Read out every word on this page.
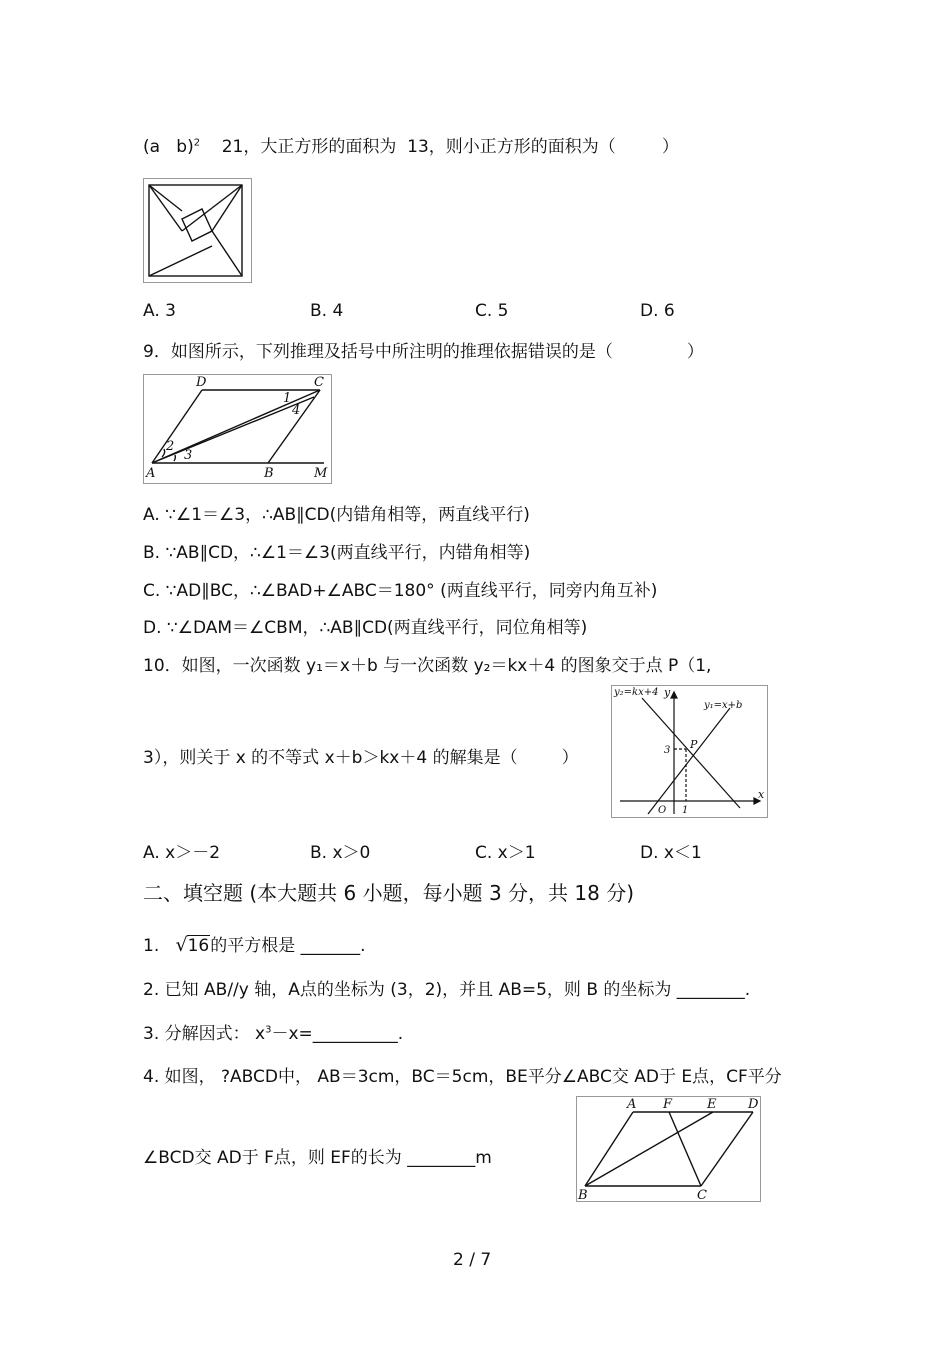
(a b)$^2$ 21，大正方形的面积为 13，则小正方形的面积为（	）
A. 3	B. 4	C. 5	D. 6
9．如图所示，下列推理及括号中所注明的推理依据错误的是（	）
D	C
1
4
2
3
A	B	M
A. ∵∠1＝∠3，∴AB∥CD(内错角相等，两直线平行)
B. ∵AB∥CD，∴∠1＝∠3(两直线平行，内错角相等)
C. ∵AD∥BC，∴∠BAD+∠ABC＝180° (两直线平行，同旁内角互补)
D. ∵∠DAM＝∠CBM，∴AB∥CD(两直线平行，同位角相等)
10．如图，一次函数 y₁＝x＋b 与一次函数 y₂＝kx＋4 的图象交于点 P（1,
3），则关于 x 的不等式 x＋b＞kx＋4 的解集是（	）
y₂=kx+4 y
y₁=x+b
3 P
O 1
x
A. x＞－2	B. x＞0	C. x＞1	D. x＜1
二、填空题 (本大题共 6 小题，每小题 3 分，共 18 分)
1. √16的平方根是 _______.
2. 已知 AB//y 轴，A点的坐标为 (3，2)，并且 AB=5，则 B 的坐标为 ________.
3. 分解因式： $x^3-x=\_\_\_\_\_\_\_\_\_\_$.
4. 如图， ?ABCD中， AB＝3cm，BC＝5cm，BE平分∠ABC交 AD于 E点，CF平分
∠BCD交 AD于 F点，则 EF的长为 ________m
A F	E D
B	C
2 / 7
